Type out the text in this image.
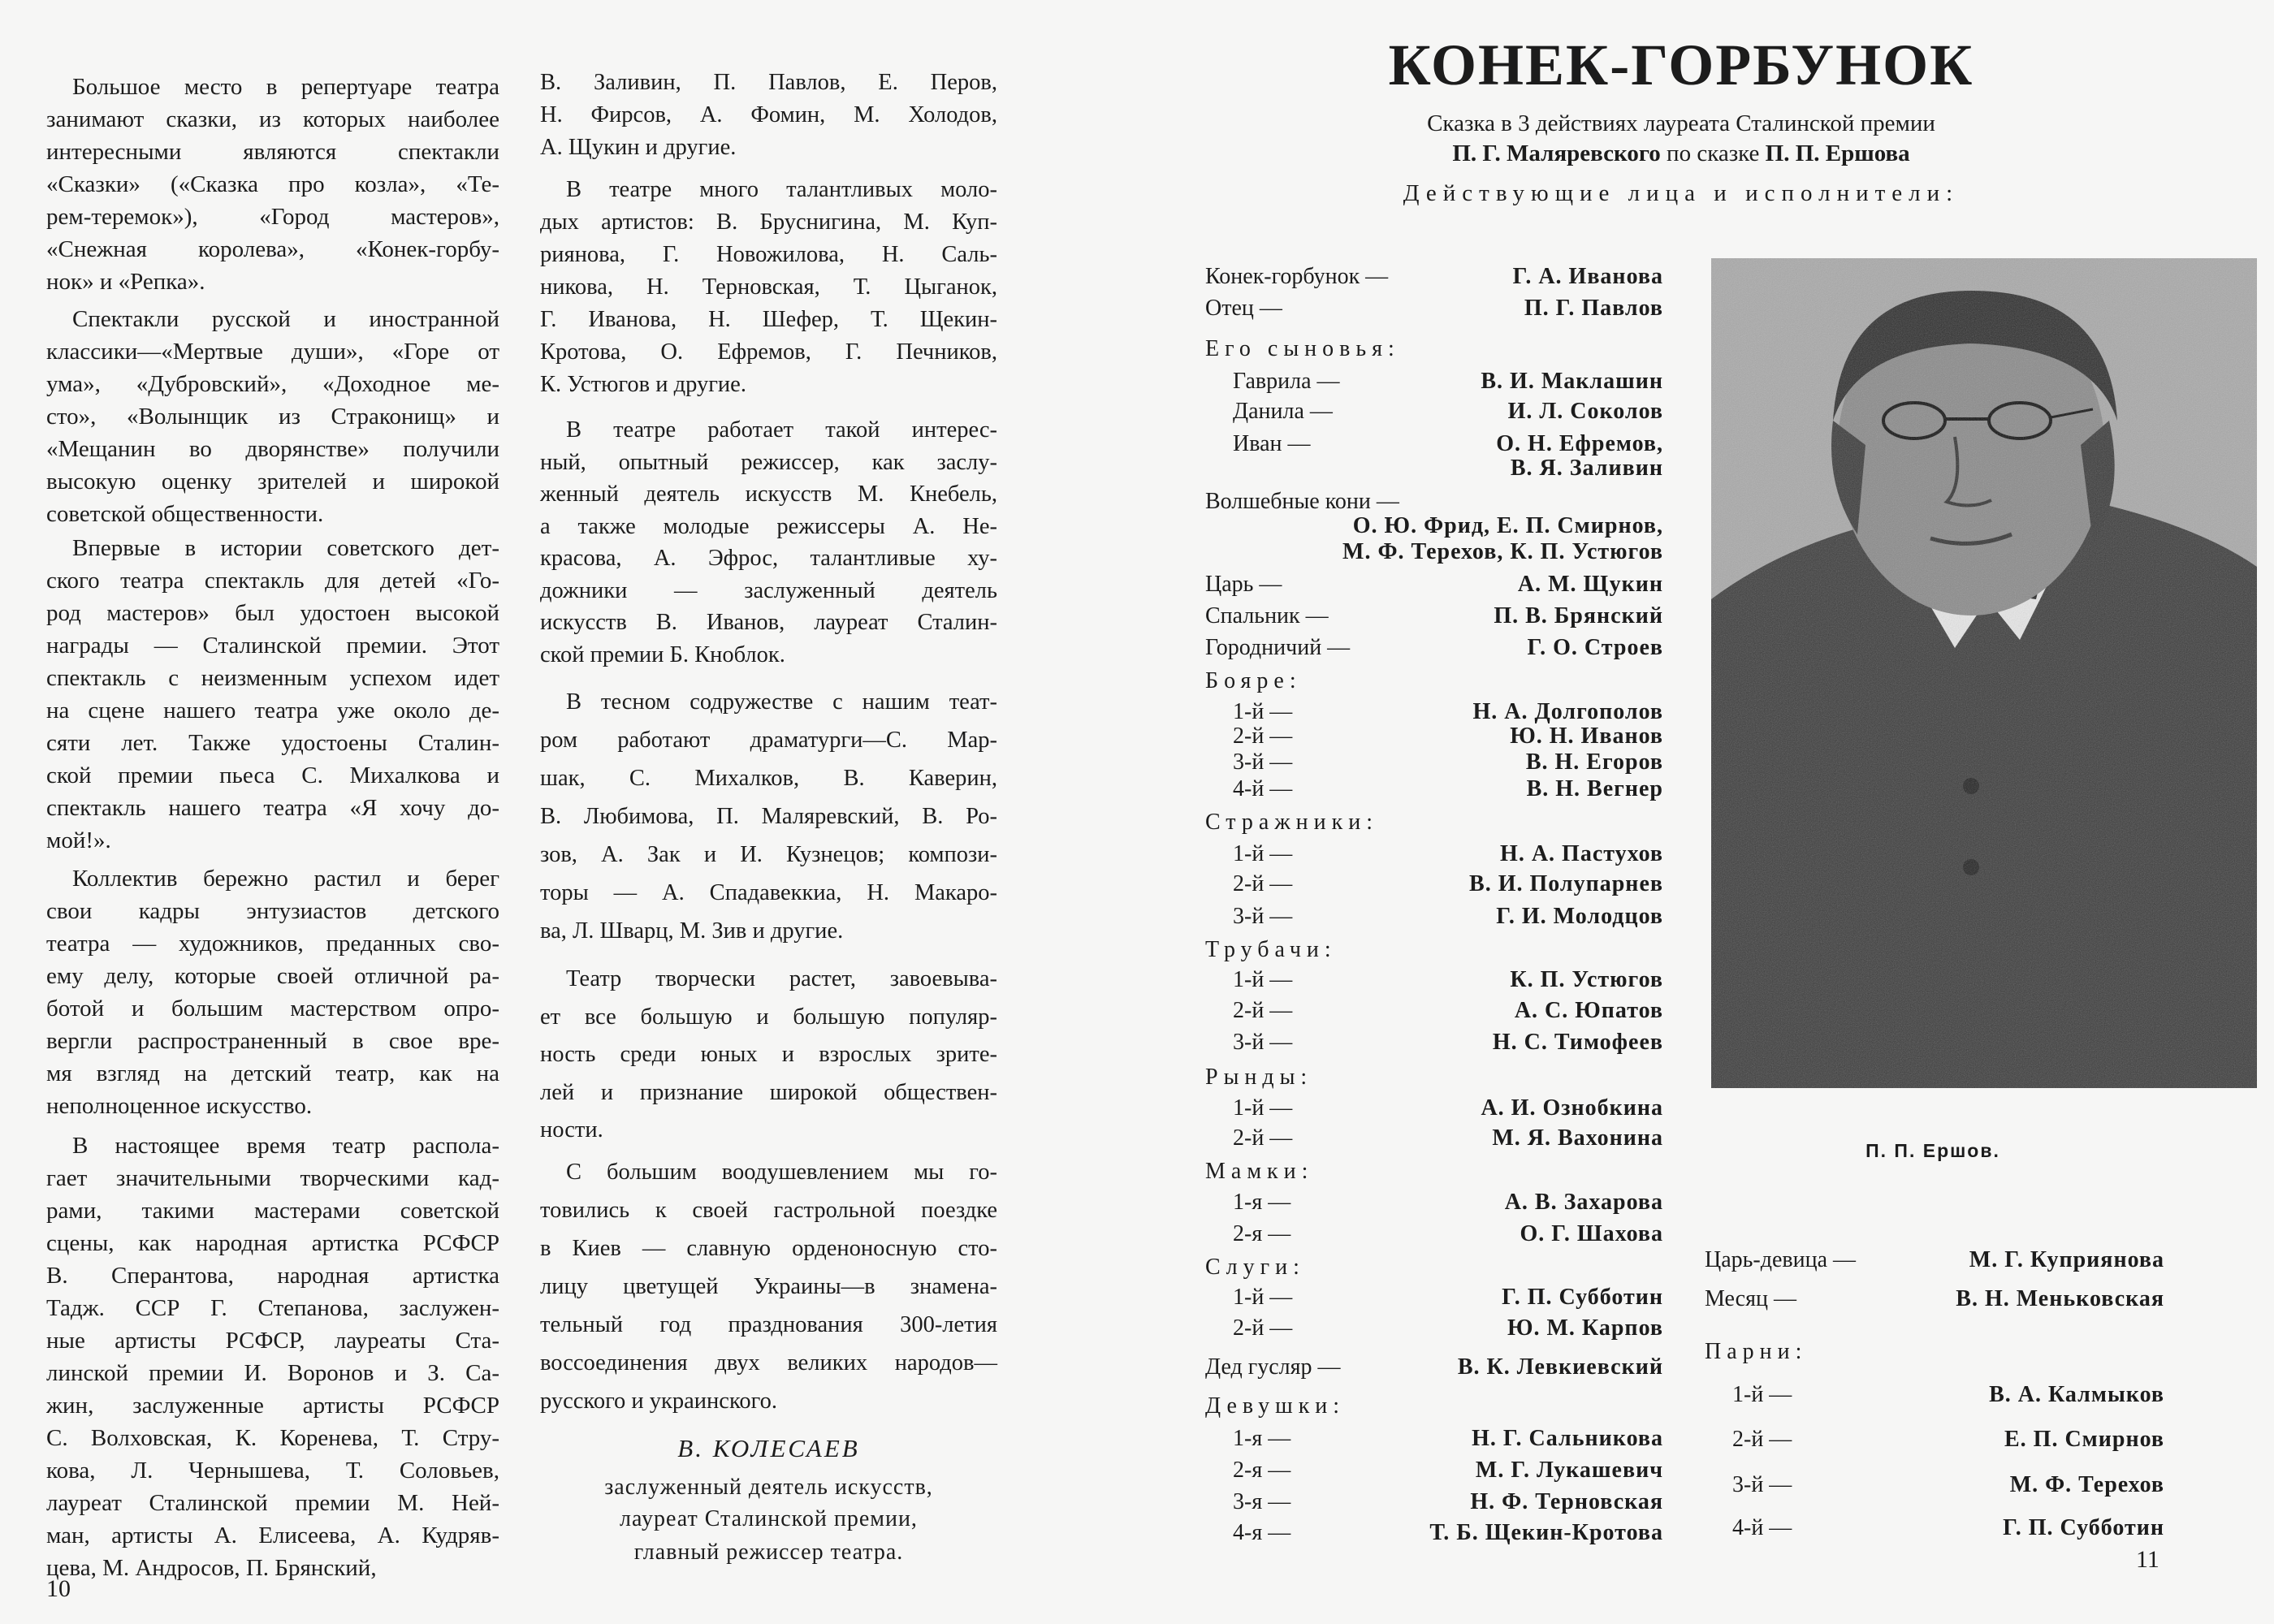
Большое место в репертуаре театра
занимают сказки, из которых наиболее
интересными являются спектакли
«Сказки» («Сказка про козла», «Те-
рем-теремок»), «Город мастеров»,
«Снежная королева», «Конек-горбу-
нок» и «Репка».
Спектакли русской и иностранной
классики—«Мертвые души», «Горе от
ума», «Дубровский», «Доходное ме-
сто», «Волынщик из Страконищ» и
«Мещанин во дворянстве» получили
высокую оценку зрителей и широкой
советской общественности.
Впервые в истории советского дет-
ского театра спектакль для детей «Го-
род мастеров» был удостоен высокой
награды — Сталинской премии. Этот
спектакль с неизменным успехом идет
на сцене нашего театра уже около де-
сяти лет. Также удостоены Сталин-
ской премии пьеса С. Михалкова и
спектакль нашего театра «Я хочу до-
мой!».
Коллектив бережно растил и берег
свои кадры энтузиастов детского
театра — художников, преданных сво-
ему делу, которые своей отличной ра-
ботой и большим мастерством опро-
вергли распространенный в свое вре-
мя взгляд на детский театр, как на
неполноценное искусство.
В настоящее время театр распола-
гает значительными творческими кад-
рами, такими мастерами советской
сцены, как народная артистка РСФСР
В. Сперантова, народная артистка
Тадж. ССР Г. Степанова, заслужен-
ные артисты РСФСР, лауреаты Ста-
линской премии И. Воронов и З. Са-
жин, заслуженные артисты РСФСР
С. Волховская, К. Коренева, Т. Стру-
кова, Л. Чернышева, Т. Соловьев,
лауреат Сталинской премии М. Ней-
ман, артисты А. Елисеева, А. Кудряв-
цева, М. Андросов, П. Брянский,
В. Заливин, П. Павлов, Е. Перов,
Н. Фирсов, А. Фомин, М. Холодов,
А. Щукин и другие.
В театре много талантливых моло-
дых артистов: В. Бруснигина, М. Куп-
риянова, Г. Новожилова, Н. Саль-
никова, Н. Терновская, Т. Цыганок,
Г. Иванова, Н. Шефер, Т. Щекин-
Кротова, О. Ефремов, Г. Печников,
К. Устюгов и другие.
В театре работает такой интерес-
ный, опытный режиссер, как заслу-
женный деятель искусств М. Кнебель,
а также молодые режиссеры А. Не-
красова, А. Эфрос, талантливые ху-
дожники — заслуженный деятель
искусств В. Иванов, лауреат Сталин-
ской премии Б. Кноблок.
В тесном содружестве с нашим теат-
ром работают драматурги—С. Мар-
шак, С. Михалков, В. Каверин,
В. Любимова, П. Маляревский, В. Ро-
зов, А. Зак и И. Кузнецов; компози-
торы — А. Спадавеккиа, Н. Макаро-
ва, Л. Шварц, М. Зив и другие.
Театр творчески растет, завоевыва-
ет все большую и большую популяр-
ность среди юных и взрослых зрите-
лей и признание широкой обществен-
ности.
С большим воодушевлением мы го-
товились к своей гастрольной поездке
в Киев — славную орденоносную сто-
лицу цветущей Украины—в знамена-
тельный год празднования 300-летия
воссоединения двух великих народов—
русского и украинского.
В. КОЛЕСАЕВ
заслуженный деятель искусств,
лауреат Сталинской премии,
главный режиссер театра.
10
КОНЕК-ГОРБУНОК
Сказка в 3 действиях лауреата Сталинской премии
П. Г. Маляревского по сказке П. П. Ершова
Действующие лица и исполнители:
Конек-горбунок —	Г. А. Иванова
Отец —	П. Г. Павлов
Его сыновья:
Гаврила —	В. И. Маклашин
Данила —	И. Л. Соколов
Иван —	О. Н. Ефремов,
В. Я. Заливин
Волшебные кони —
О. Ю. Фрид, Е. П. Смирнов,
М. Ф. Терехов, К. П. Устюгов
Царь —	А. М. Щукин
Спальник —	П. В. Брянский
Городничий —	Г. О. Строев
Бояре:
1-й —	Н. А. Долгополов
2-й —	Ю. Н. Иванов
3-й —	В. Н. Егоров
4-й —	В. Н. Вегнер
Стражники:
1-й —	Н. А. Пастухов
2-й —	В. И. Полупарнев
3-й —	Г. И. Молодцов
Трубачи:
1-й —	К. П. Устюгов
2-й —	А. С. Юпатов
3-й —	Н. С. Тимофеев
Рынды:
1-й —	А. И. Ознобкина
2-й —	М. Я. Вахонина
Мамки:
1-я —	А. В. Захарова
2-я —	О. Г. Шахова
Слуги:
1-й —	Г. П. Субботин
2-й —	Ю. М. Карпов
Дед гусляр —	В. К. Левкиевский
Девушки:
1-я —	Н. Г. Сальникова
2-я —	М. Г. Лукашевич
3-я —	Н. Ф. Терновская
4-я —	Т. Б. Щекин-Кротова
П. П. Ершов.
Царь-девица —	М. Г. Куприянова
Месяц —	В. Н. Меньковская
Парни:
1-й —	В. А. Калмыков
2-й —	Е. П. Смирнов
3-й —	М. Ф. Терехов
4-й —	Г. П. Субботин
11
